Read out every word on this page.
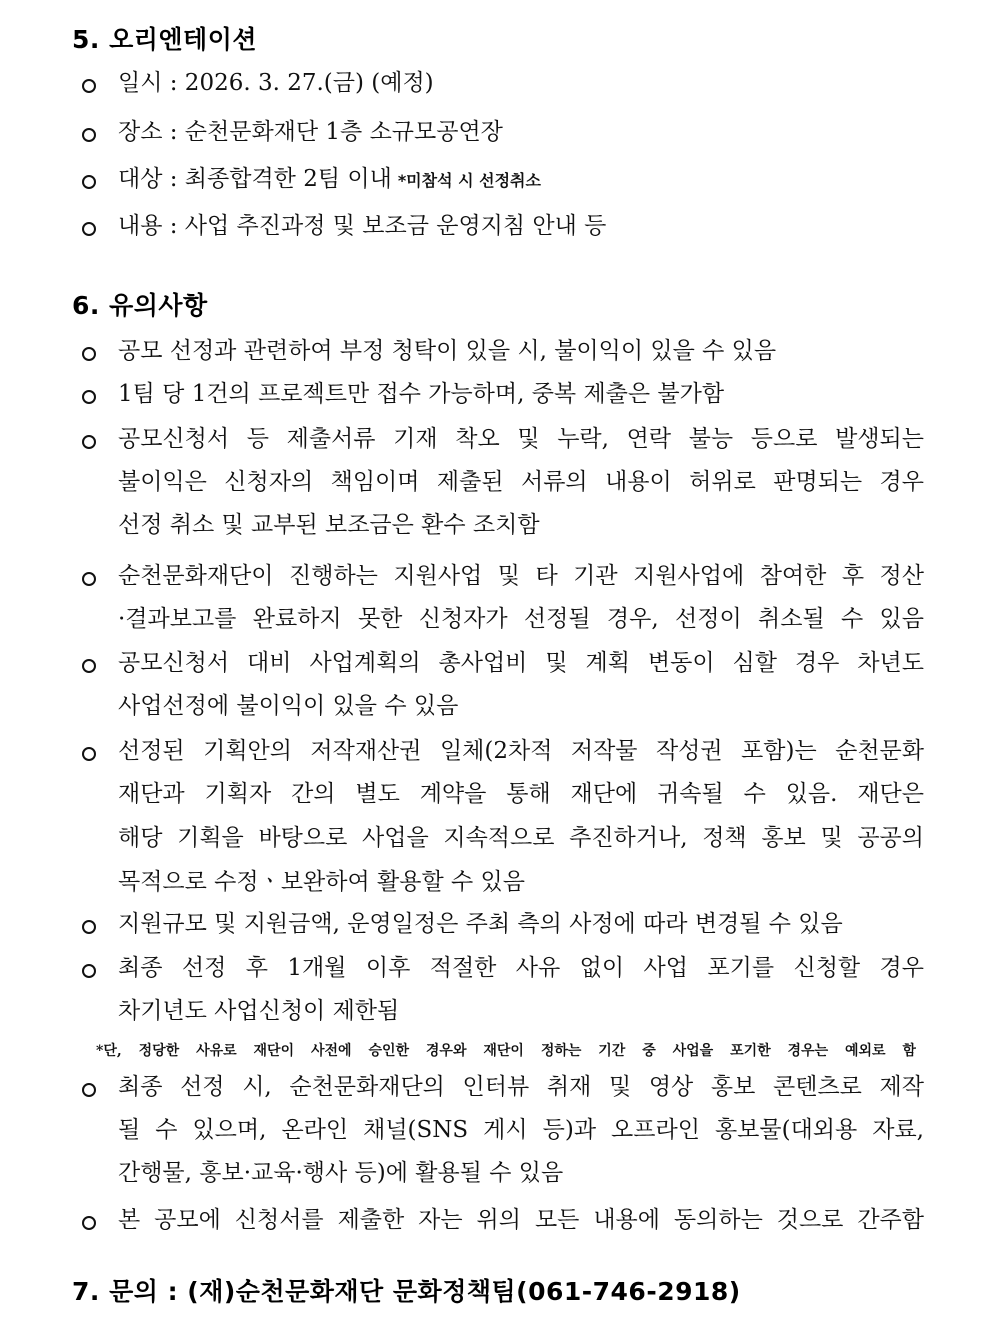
5. 오리엔테이션
일시 : 2026. 3. 27.(금) (예정)
장소 : 순천문화재단 1층 소규모공연장
대상 : 최종합격한 2팀 이내 *미참석 시 선정취소
내용 : 사업 추진과정 및 보조금 운영지침 안내 등
6. 유의사항
공모 선정과 관련하여 부정 청탁이 있을 시, 불이익이 있을 수 있음
1팀 당 1건의 프로젝트만 접수 가능하며, 중복 제출은 불가함
공모신청서 등 제출서류 기재 착오 및 누락, 연락 불능 등으로 발생되는
불이익은 신청자의 책임이며 제출된 서류의 내용이 허위로 판명되는 경우
선정 취소 및 교부된 보조금은 환수 조치함
순천문화재단이 진행하는 지원사업 및 타 기관 지원사업에 참여한 후 정산
·결과보고를 완료하지 못한 신청자가 선정될 경우, 선정이 취소될 수 있음
공모신청서 대비 사업계획의 총사업비 및 계획 변동이 심할 경우 차년도
사업선정에 불이익이 있을 수 있음
선정된 기획안의 저작재산권 일체(2차적 저작물 작성권 포함)는 순천문화
재단과 기획자 간의 별도 계약을 통해 재단에 귀속될 수 있음. 재단은
해당 기획을 바탕으로 사업을 지속적으로 추진하거나, 정책 홍보 및 공공의
목적으로 수정ㆍ보완하여 활용할 수 있음
지원규모 및 지원금액, 운영일정은 주최 측의 사정에 따라 변경될 수 있음
최종 선정 후 1개월 이후 적절한 사유 없이 사업 포기를 신청할 경우
차기년도 사업신청이 제한됨
*단, 정당한 사유로 재단이 사전에 승인한 경우와 재단이 정하는 기간 중 사업을 포기한 경우는 예외로 함
최종 선정 시, 순천문화재단의 인터뷰 취재 및 영상 홍보 콘텐츠로 제작
될 수 있으며, 온라인 채널(SNS 게시 등)과 오프라인 홍보물(대외용 자료,
간행물, 홍보·교육·행사 등)에 활용될 수 있음
본 공모에 신청서를 제출한 자는 위의 모든 내용에 동의하는 것으로 간주함
7. 문의 : (재)순천문화재단 문화정책팀(061-746-2918)
